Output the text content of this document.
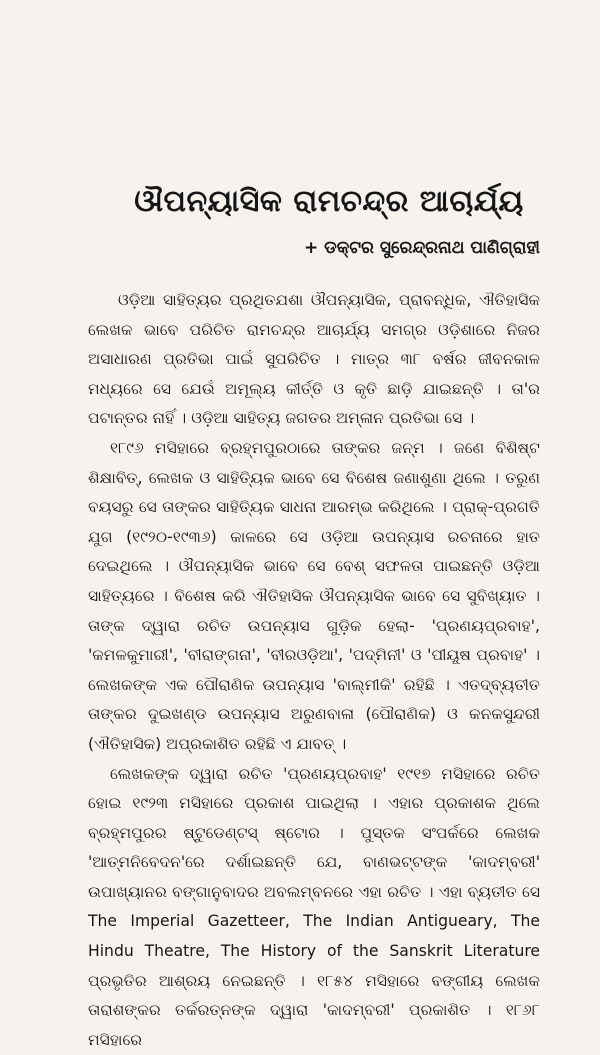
ଔପନ୍ୟାସିକ ରାମଚନ୍ଦ୍ର ଆଚାର୍ଯ୍ୟ

+ ଡକ୍ଟର ସୁରେନ୍ଦ୍ରନାଥ ପାଣିଗ୍ରାହୀ

ଓଡ଼ିଆ ସାହିତ୍ୟର ପ୍ରଥିତଯଶା ଔପନ୍ୟାସିକ, ପ୍ରାବନ୍ଧିକ, ଐତିହାସିକ ଲେଖକ ଭାବେ ପରିଚିତ ରାମଚନ୍ଦ୍ର ଆଚାର୍ଯ୍ୟ ସମଗ୍ର ଓଡ଼ିଶାରେ ନିଜର ଅସାଧାରଣ ପ୍ରତିଭା ପାଇଁ ସୁପରିଚିତ । ମାତ୍ର ୩୮ ବର୍ଷର ଜୀବନକାଳ ମଧ୍ୟରେ ସେ ଯେଉଁ ଅମୂଲ୍ୟ କୀର୍ତ୍ତି ଓ କୃତି ଛାଡ଼ି ଯାଇଛନ୍ତି । ତା'ର ପଟାନ୍ତର ନାହିଁ । ଓଡ଼ିଆ ସାହିତ୍ୟ ଜଗତର ଅମ୍ଳାନ ପ୍ରତିଭା ସେ ।

୧୮୯୬ ମସିହାରେ ବ୍ରହ୍ମପୁରଠାରେ ତାଙ୍କର ଜନ୍ମ । ଜଣେ ବିଶିଷ୍ଟ ଶିକ୍ଷାବିତ୍, ଲେଖକ ଓ ସାହିତ୍ୟିକ ଭାବେ ସେ ବିଶେଷ ଜଣାଶୁଣା ଥିଲେ । ତରୁଣ ବୟସରୁ ସେ ତାଙ୍କର ସାହିତ୍ୟିକ ସାଧନା ଆରମ୍ଭ କରିଥିଲେ । ପ୍ରାକ୍-ପ୍ରଗତି ଯୁଗ (୧୯୨୦-୧୯୩୬) କାଳରେ ସେ ଓଡ଼ିଆ ଉପନ୍ୟାସ ରଚନାରେ ହାତ ଦେଇଥିଲେ । ଔପନ୍ୟାସିକ ଭାବେ ସେ ବେଶ୍ ସଫଳତା ପାଇଛନ୍ତି ଓଡ଼ିଆ ସାହିତ୍ୟରେ । ବିଶେଷ କରି ଐତିହାସିକ ଔପନ୍ୟାସିକ ଭାବେ ସେ ସୁବିଖ୍ୟାତ । ତାଙ୍କ ଦ୍ୱାରା ରଚିତ ଉପନ୍ୟାସ ଗୁଡ଼ିକ ହେଲା- 'ପ୍ରଣୟପ୍ରବାହ', 'କମଳକୁମାରୀ', 'ବୀରାଙ୍ଗନା', 'ବୀରଓଡ଼ିଆ', 'ପଦ୍ମିନୀ' ଓ 'ପୀୟୂଷ ପ୍ରବାହ' । ଲେଖକଙ୍କ ଏକ ପୌରାଣିକ ଉପନ୍ୟାସ 'ବାଲ୍ମୀକି' ରହିଛି । ଏତଦ୍‌ବ୍ୟତୀତ ତାଙ୍କର ଦୁଇଖଣ୍ଡ ଉପନ୍ୟାସ ଅରୁଣବାଳା (ପୌରାଣିକ) ଓ କନକସୁନ୍ଦରୀ (ଐତିହାସିକ) ଅପ୍ରକାଶିତ ରହିଛି ଏ ଯାବତ୍ ।

ଲେଖକଙ୍କ ଦ୍ୱାରା ରଚିତ 'ପ୍ରଣୟପ୍ରବାହ' ୧୯୧୭ ମସିହାରେ ରଚିତ ହୋଇ ୧୯୨୩ ମସିହାରେ ପ୍ରକାଶ ପାଇଥିଲା । ଏହାର ପ୍ରକାଶକ ଥିଲେ ବ୍ରହ୍ମପୁରର ଷ୍ଟୁଡେଣ୍ଟସ୍ ଷ୍ଟୋର । ପୁସ୍ତକ ସଂପର୍କରେ ଲେଖକ 'ଆତ୍ମନିବେଦନ'ରେ ଦର୍ଶାଇଛନ୍ତି ଯେ, ବାଣଭଟ୍ଟଙ୍କ 'କାଦମ୍ବରୀ' ଉପାଖ୍ୟାନର ବଙ୍ଗାନୁବାଦର ଅବଲମ୍ବନରେ ଏହା ରଚିତ । ଏହା ବ୍ୟତୀତ ସେ The Imperial Gazetteer, The Indian Antigueary, The Hindu Theatre, The History of the Sanskrit Literature ପ୍ରଭୃତିର ଆଶ୍ରୟ ନେଇଛନ୍ତି । ୧୮୫୪ ମସିହାରେ ବଙ୍ଗୀୟ ଲେଖକ ତାରାଶଙ୍କର ତର୍କରତ୍ନଙ୍କ ଦ୍ୱାରା 'କାଦମ୍ବରୀ' ପ୍ରକାଶିତ । ୧୮୬୮ ମସିହାରେ
